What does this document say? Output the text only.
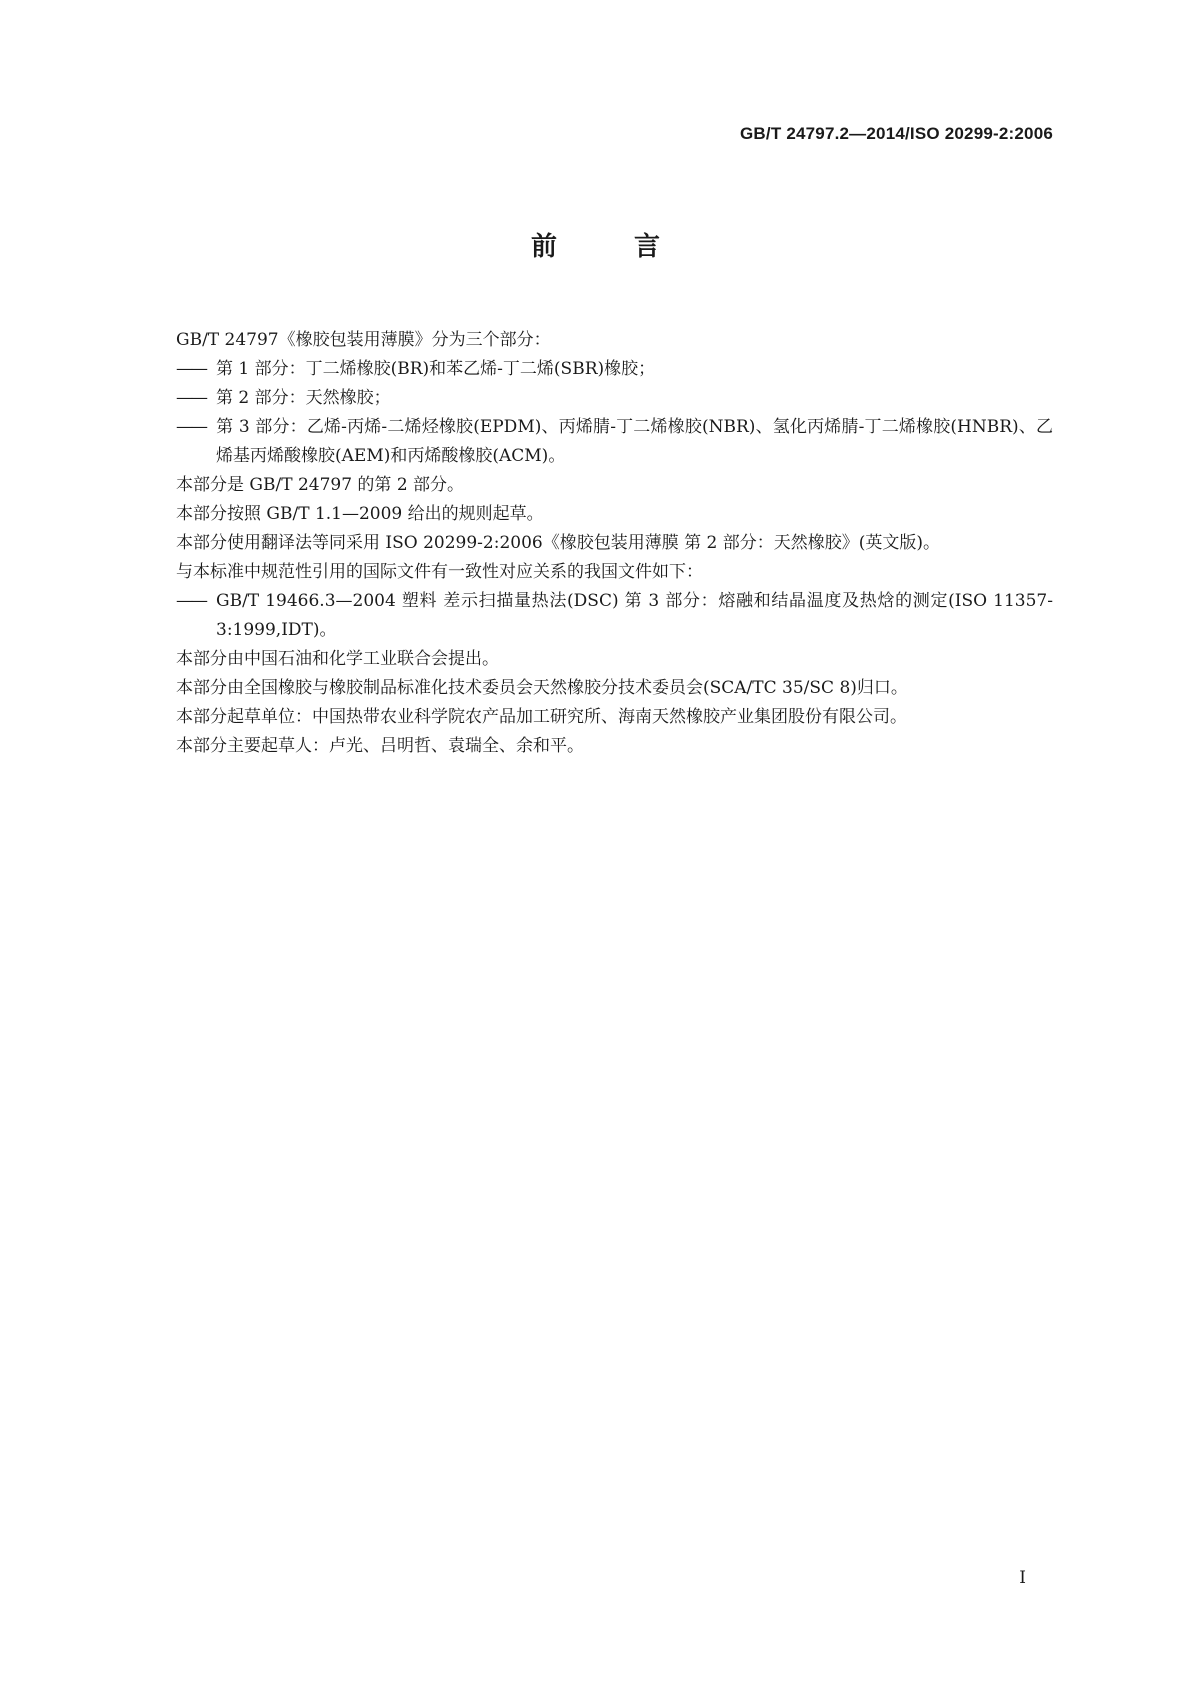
GB/T 24797.2—2014/ISO 20299-2:2006
前 言

GB/T 24797《橡胶包装用薄膜》分为三个部分：

—— 第 1 部分：丁二烯橡胶(BR)和苯乙烯-丁二烯(SBR)橡胶；

—— 第 2 部分：天然橡胶；

—— 第 3 部分：乙烯-丙烯-二烯烃橡胶(EPDM)、丙烯腈-丁二烯橡胶(NBR)、氢化丙烯腈-丁二烯橡胶(HNBR)、乙烯基丙烯酸橡胶(AEM)和丙烯酸橡胶(ACM)。

本部分是 GB/T 24797 的第 2 部分。

本部分按照 GB/T 1.1—2009 给出的规则起草。

本部分使用翻译法等同采用 ISO 20299-2:2006《橡胶包装用薄膜 第 2 部分：天然橡胶》(英文版)。

与本标准中规范性引用的国际文件有一致性对应关系的我国文件如下：

—— GB/T 19466.3—2004 塑料 差示扫描量热法(DSC) 第 3 部分：熔融和结晶温度及热焓的测定(ISO 11357-3:1999,IDT)。

本部分由中国石油和化学工业联合会提出。

本部分由全国橡胶与橡胶制品标准化技术委员会天然橡胶分技术委员会(SCA/TC 35/SC 8)归口。

本部分起草单位：中国热带农业科学院农产品加工研究所、海南天然橡胶产业集团股份有限公司。

本部分主要起草人：卢光、吕明哲、袁瑞全、余和平。

I
